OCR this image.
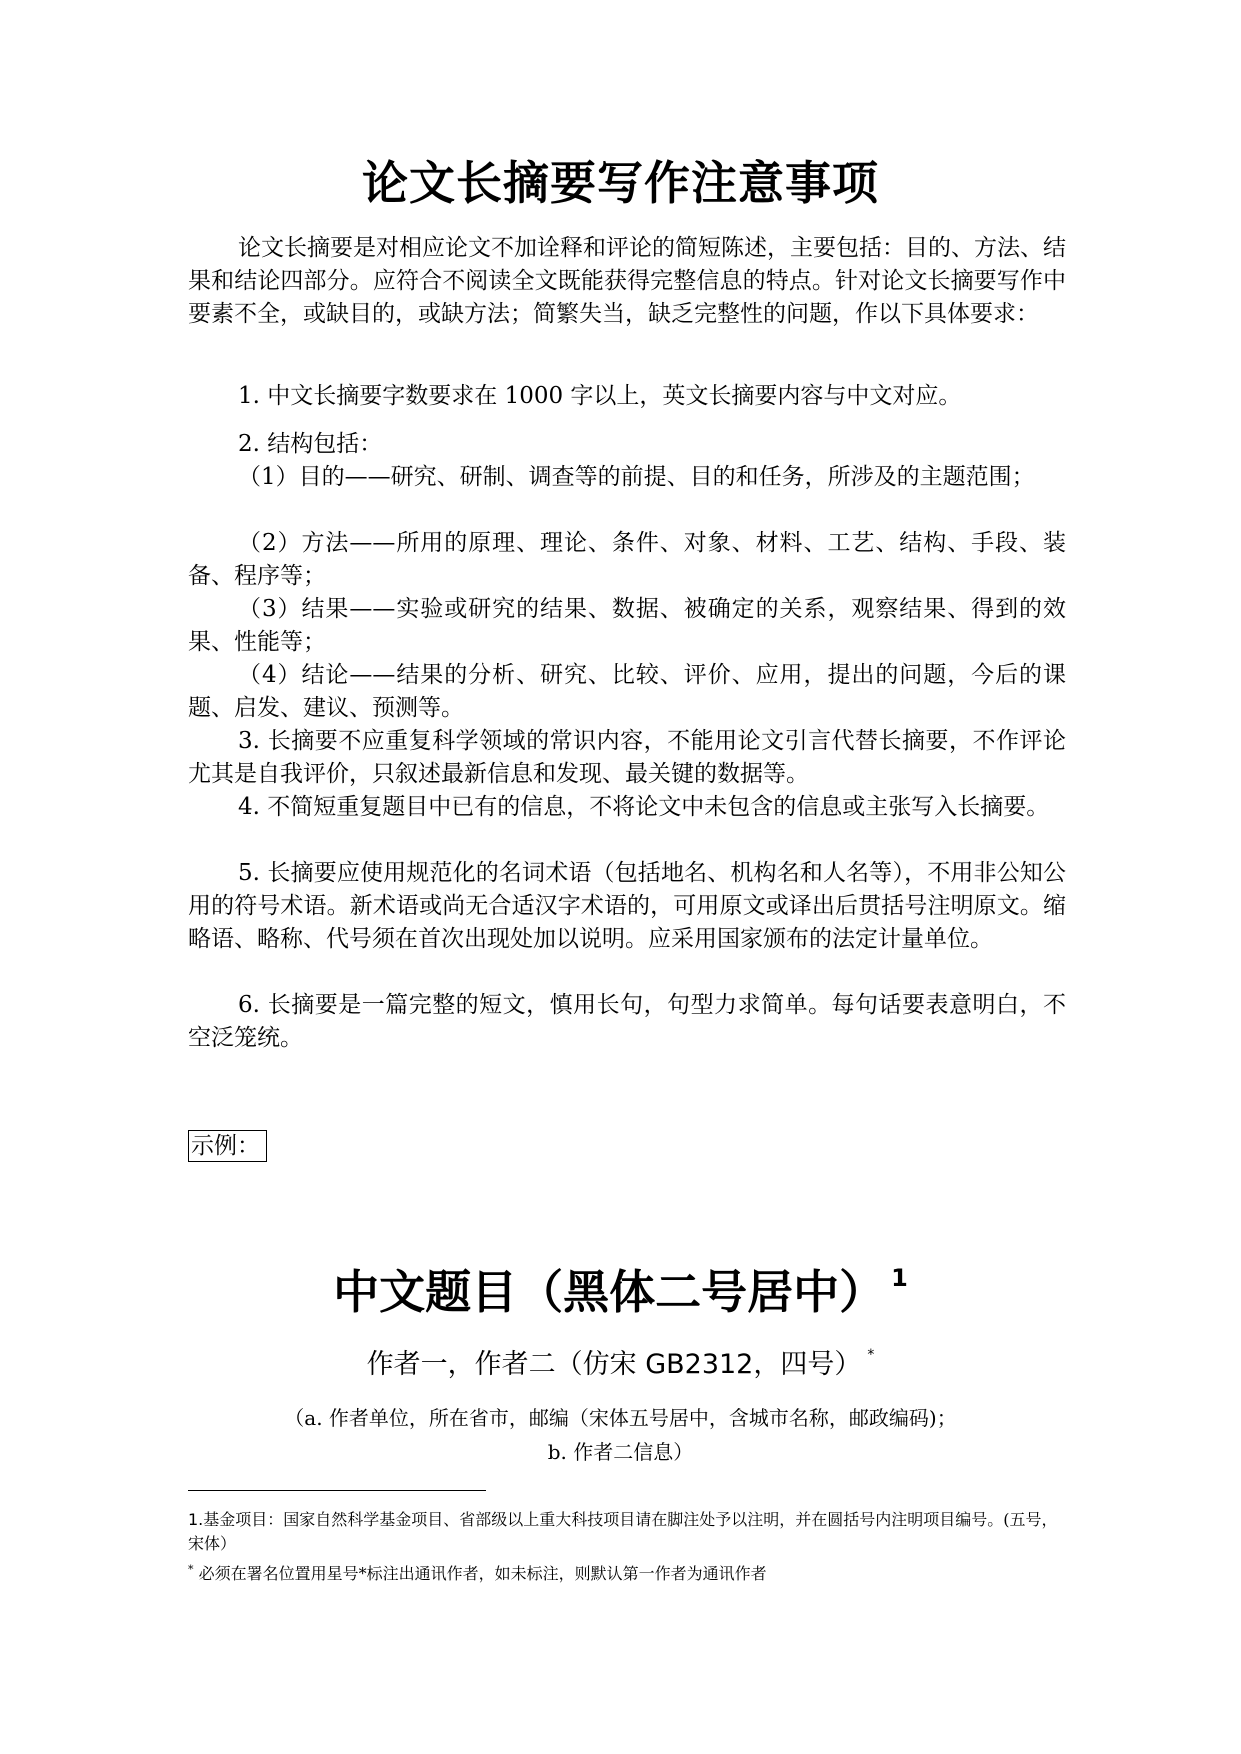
论文长摘要写作注意事项

论文长摘要是对相应论文不加诠释和评论的简短陈述，主要包括：目的、方法、结果和结论四部分。应符合不阅读全文既能获得完整信息的特点。针对论文长摘要写作中要素不全，或缺目的，或缺方法；简繁失当，缺乏完整性的问题，作以下具体要求：

1. 中文长摘要字数要求在 1000 字以上，英文长摘要内容与中文对应。

2. 结构包括：

（1）目的——研究、研制、调查等的前提、目的和任务，所涉及的主题范围；

（2）方法——所用的原理、理论、条件、对象、材料、工艺、结构、手段、装备、程序等；

（3）结果——实验或研究的结果、数据、被确定的关系，观察结果、得到的效果、性能等；

（4）结论——结果的分析、研究、比较、评价、应用，提出的问题，今后的课题、启发、建议、预测等。

3. 长摘要不应重复科学领域的常识内容，不能用论文引言代替长摘要，不作评论尤其是自我评价，只叙述最新信息和发现、最关键的数据等。

4. 不简短重复题目中已有的信息，不将论文中未包含的信息或主张写入长摘要。

5. 长摘要应使用规范化的名词术语（包括地名、机构名和人名等），不用非公知公用的符号术语。新术语或尚无合适汉字术语的，可用原文或译出后贯括号注明原文。缩略语、略称、代号须在首次出现处加以说明。应采用国家颁布的法定计量单位。

6. 长摘要是一篇完整的短文，慎用长句，句型力求简单。每句话要表意明白，不空泛笼统。

示例：
中文题目（黑体二号居中） $^1$
作者一，作者二（仿宋 GB2312，四号） *
（a. 作者单位，所在省市，邮编（宋体五号居中，含城市名称，邮政编码)；
b. 作者二信息）
1.基金项目：国家自然科学基金项目、省部级以上重大科技项目请在脚注处予以注明，并在圆括号内注明项目编号。(五号，宋体）
* 必须在署名位置用星号*标注出通讯作者，如未标注，则默认第一作者为通讯作者
